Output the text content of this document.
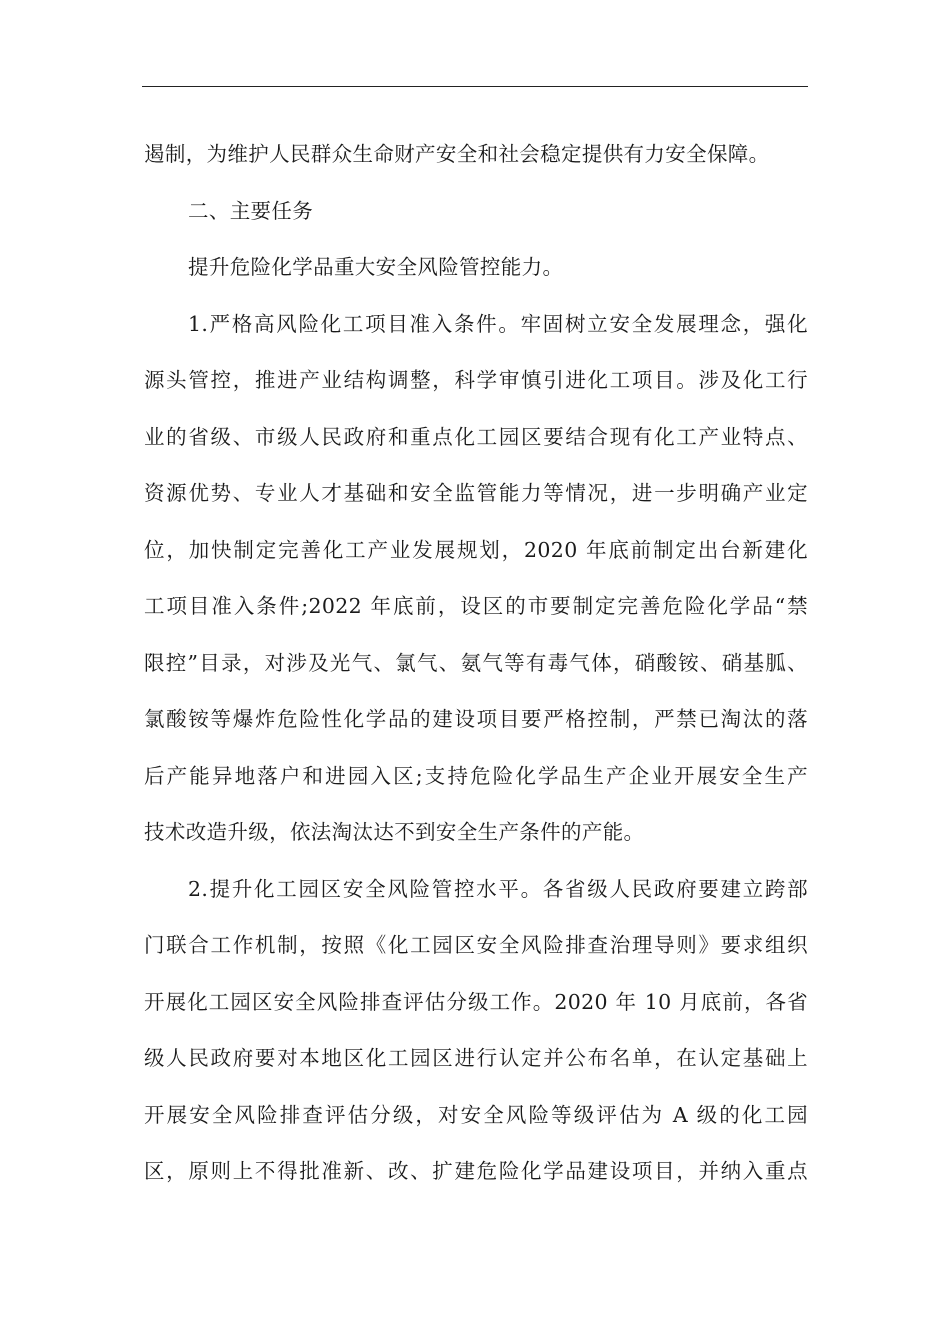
遏制，为维护人民群众生命财产安全和社会稳定提供有力安全保障。
二、主要任务
提升危险化学品重大安全风险管控能力。
1.严格高风险化工项目准入条件。牢固树立安全发展理念，强化
源头管控，推进产业结构调整，科学审慎引进化工项目。涉及化工行
业的省级、市级人民政府和重点化工园区要结合现有化工产业特点、
资源优势、专业人才基础和安全监管能力等情况，进一步明确产业定
位，加快制定完善化工产业发展规划，2020 年底前制定出台新建化
工项目准入条件;2022 年底前，设区的市要制定完善危险化学品“禁
限控”目录，对涉及光气、氯气、氨气等有毒气体，硝酸铵、硝基胍、
氯酸铵等爆炸危险性化学品的建设项目要严格控制，严禁已淘汰的落
后产能异地落户和进园入区;支持危险化学品生产企业开展安全生产
技术改造升级，依法淘汰达不到安全生产条件的产能。
2.提升化工园区安全风险管控水平。各省级人民政府要建立跨部
门联合工作机制，按照《化工园区安全风险排查治理导则》要求组织
开展化工园区安全风险排查评估分级工作。2020 年 10 月底前，各省
级人民政府要对本地区化工园区进行认定并公布名单，在认定基础上
开展安全风险排查评估分级，对安全风险等级评估为 A 级的化工园
区，原则上不得批准新、改、扩建危险化学品建设项目，并纳入重点
